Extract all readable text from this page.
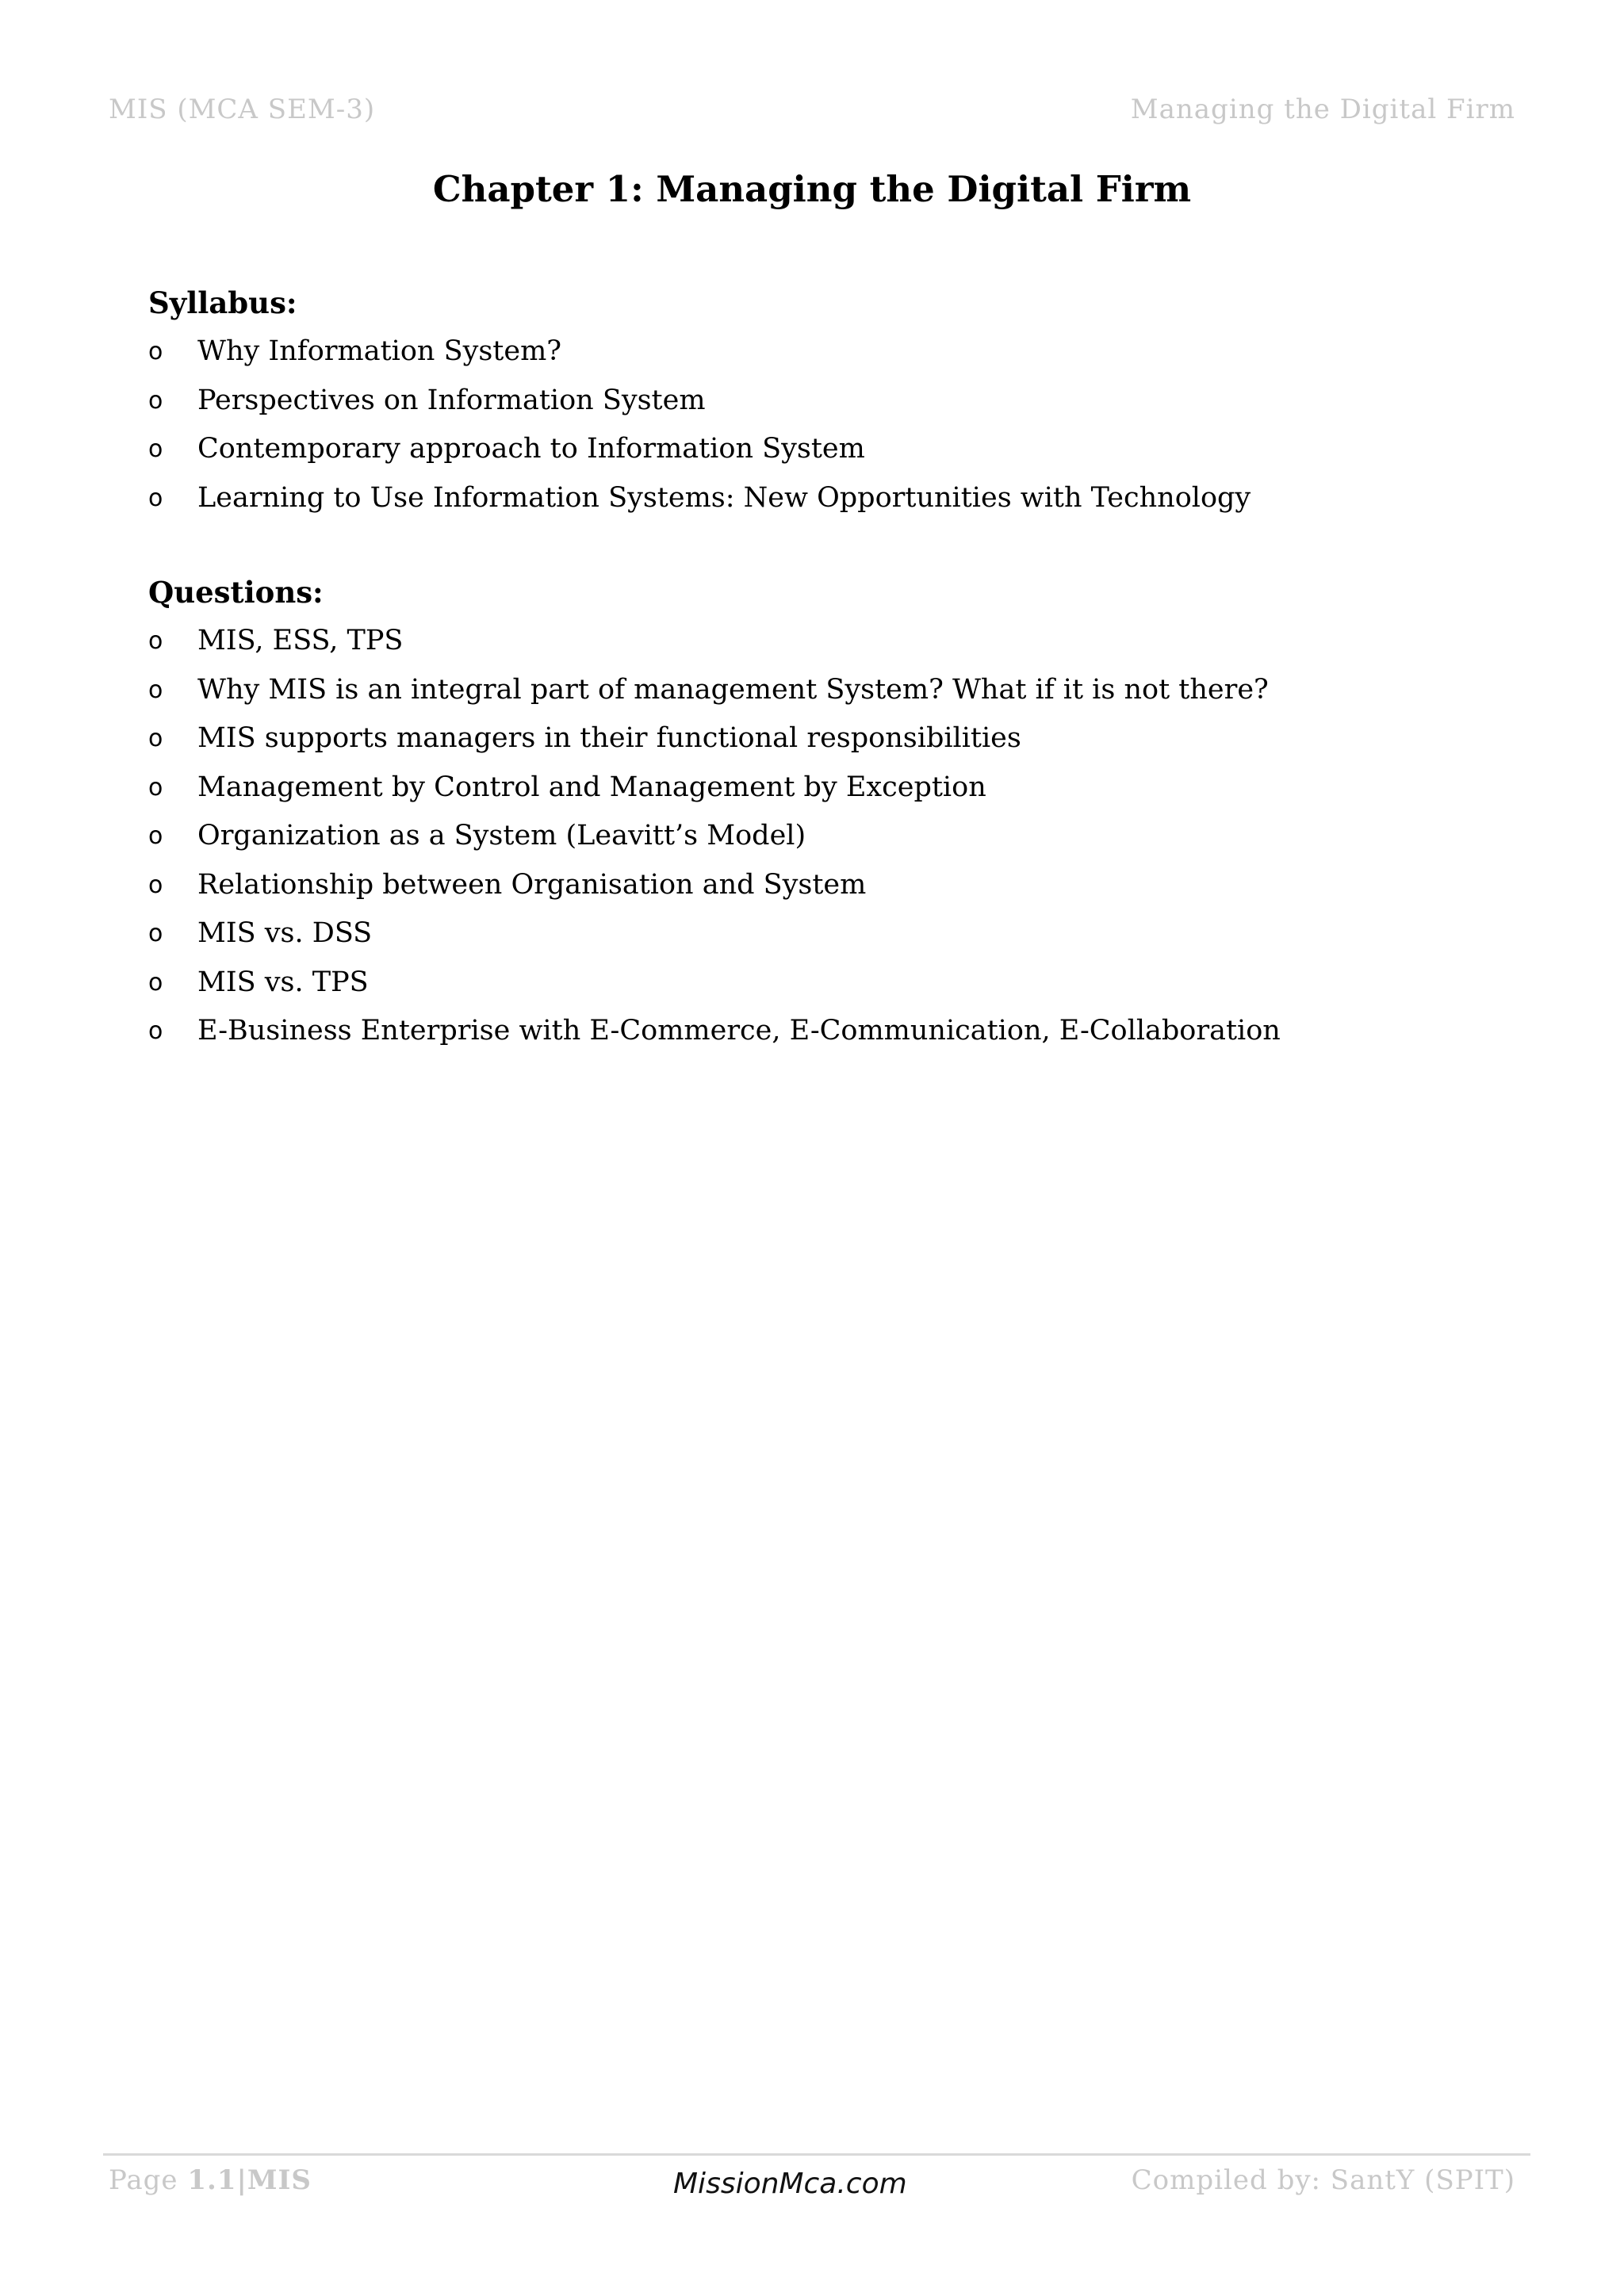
MIS (MCA SEM-3)	Managing the Digital Firm
Chapter 1: Managing the Digital Firm
Syllabus:
o Why Information System?
o Perspectives on Information System
o Contemporary approach to Information System
o Learning to Use Information Systems: New Opportunities with Technology
Questions:
o MIS, ESS, TPS
o Why MIS is an integral part of management System? What if it is not there?
o MIS supports managers in their functional responsibilities
o Management by Control and Management by Exception
o Organization as a System (Leavitt’s Model)
o Relationship between Organisation and System
o MIS vs. DSS
o MIS vs. TPS
o E-Business Enterprise with E-Commerce, E-Communication, E-Collaboration
Page 1.1|MIS	MissionMca.com	Compiled by: SantY (SPIT)
